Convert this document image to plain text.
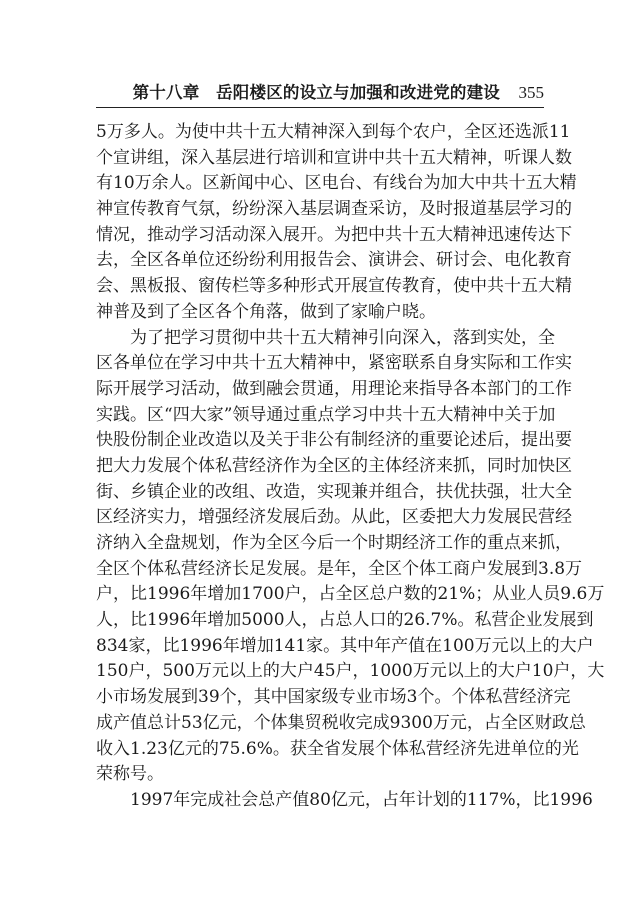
第十八章　岳阳楼区的设立与加强和改进党的建设 355
5万多人。为使中共十五大精神深入到每个农户，全区还选派11
个宣讲组，深入基层进行培训和宣讲中共十五大精神，听课人数
有10万余人。区新闻中心、区电台、有线台为加大中共十五大精
神宣传教育气氛，纷纷深入基层调查采访，及时报道基层学习的
情况，推动学习活动深入展开。为把中共十五大精神迅速传达下
去，全区各单位还纷纷利用报告会、演讲会、研讨会、电化教育
会、黑板报、窗传栏等多种形式开展宣传教育，使中共十五大精
神普及到了全区各个角落，做到了家喻户晓。
为了把学习贯彻中共十五大精神引向深入，落到实处，全
区各单位在学习中共十五大精神中，紧密联系自身实际和工作实
际开展学习活动，做到融会贯通，用理论来指导各本部门的工作
实践。区“四大家”领导通过重点学习中共十五大精神中关于加
快股份制企业改造以及关于非公有制经济的重要论述后，提出要
把大力发展个体私营经济作为全区的主体经济来抓，同时加快区
街、乡镇企业的改组、改造，实现兼并组合，扶优扶强，壮大全
区经济实力，增强经济发展后劲。从此，区委把大力发展民营经
济纳入全盘规划，作为全区今后一个时期经济工作的重点来抓，
全区个体私营经济长足发展。是年，全区个体工商户发展到3.8万
户，比1996年增加1700户，占全区总户数的21%；从业人员9.6万
人，比1996年增加5000人，占总人口的26.7%。私营企业发展到
834家，比1996年增加141家。其中年产值在100万元以上的大户
150户，500万元以上的大户45户，1000万元以上的大户10户，大
小市场发展到39个，其中国家级专业市场3个。个体私营经济完
成产值总计53亿元，个体集贸税收完成9300万元，占全区财政总
收入1.23亿元的75.6%。获全省发展个体私营经济先进单位的光
荣称号。
1997年完成社会总产值80亿元，占年计划的117%，比1996
